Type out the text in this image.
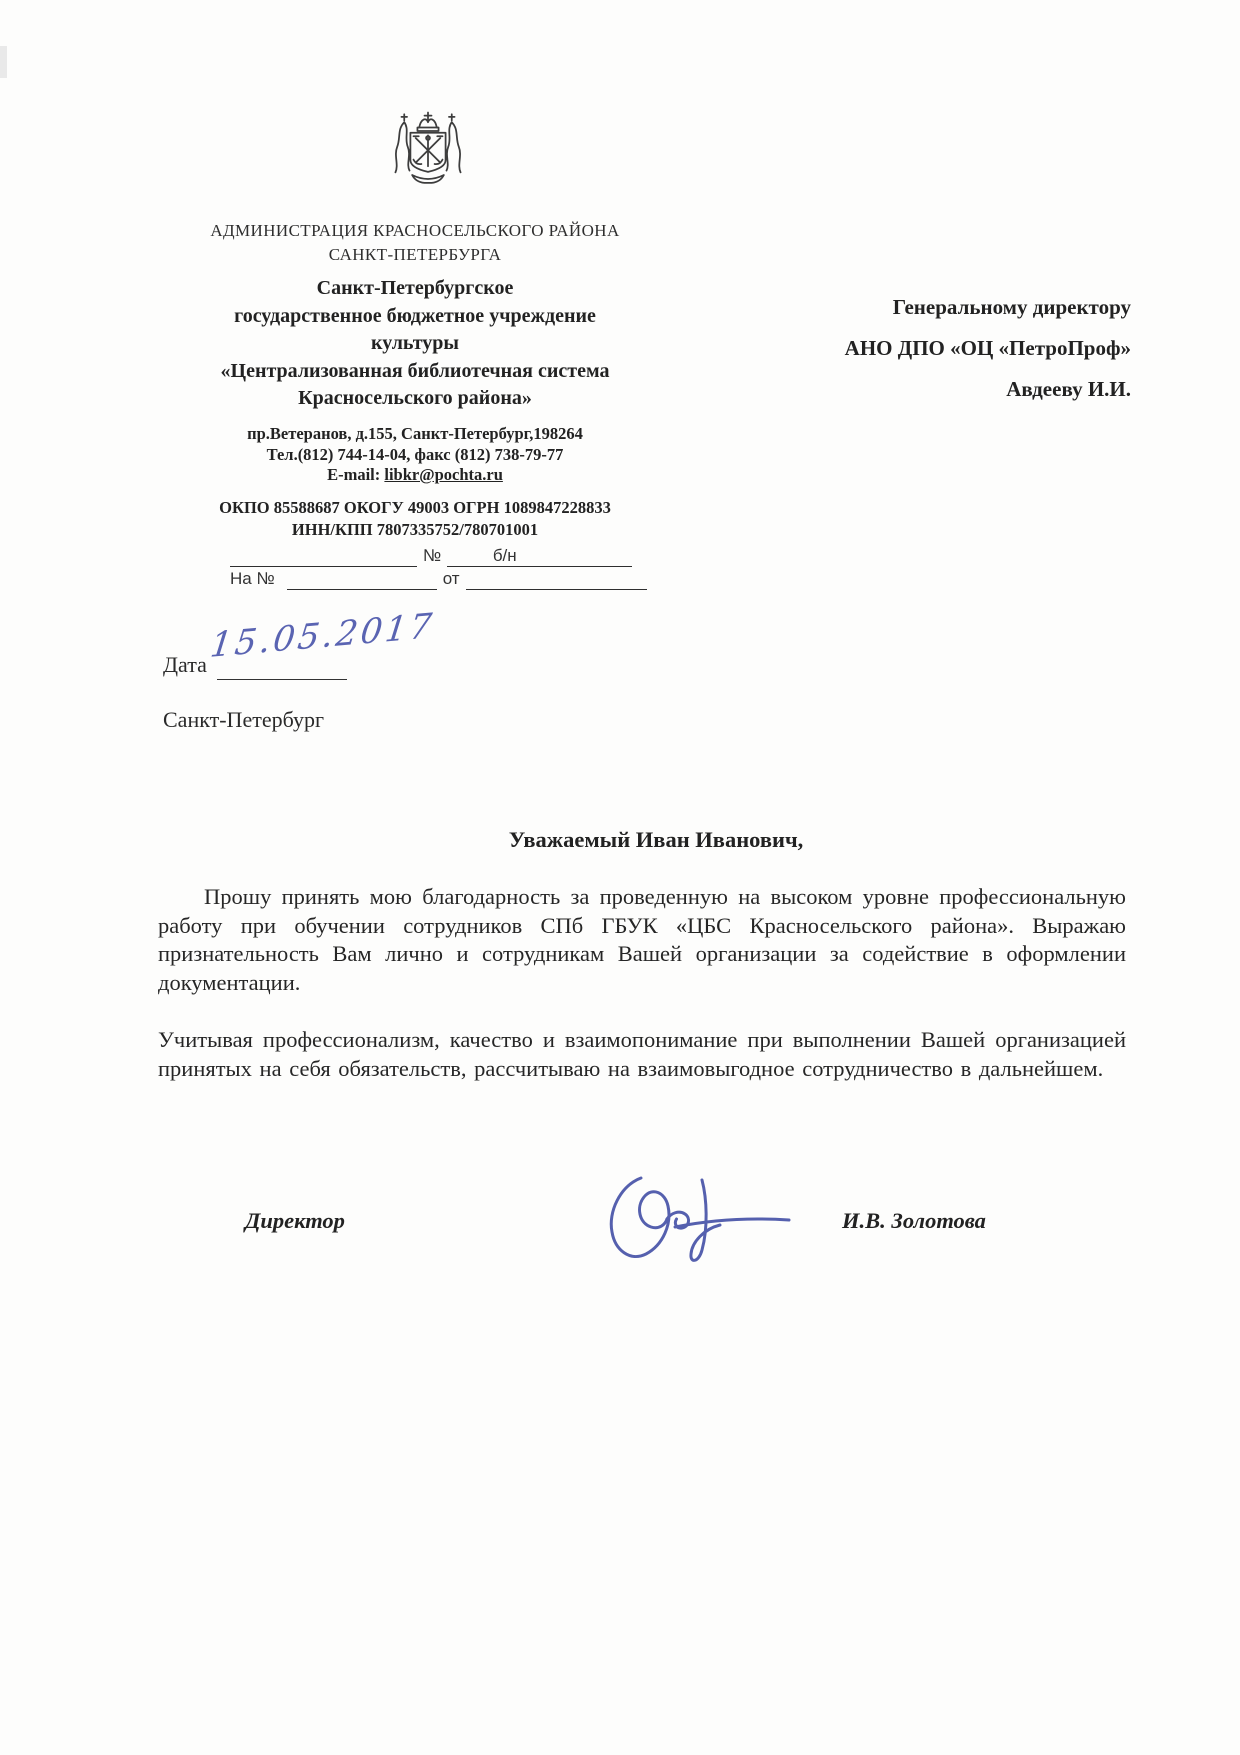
АДМИНИСТРАЦИЯ КРАСНОСЕЛЬСКОГО РАЙОНА
САНКТ-ПЕТЕРБУРГА
Санкт-Петербургское
государственное бюджетное учреждение
культуры
«Централизованная библиотечная система
Красносельского района»
Генеральному директору
АНО ДПО «ОЦ «ПетроПроф»
Авдееву И.И.
пр.Ветеранов, д.155, Санкт-Петербург,198264
Тел.(812) 744-14-04, факс (812) 738-79-77
E-mail: libkr@pochta.ru
ОКПО 85588687 ОКОГУ 49003 ОГРН 1089847228833
ИНН/КПП 7807335752/780701001
№	б/н
На №	от
Дата 15.05.2017
Санкт-Петербург
Уважаемый Иван Иванович,
Прошу принять мою благодарность за проведенную на высоком уровне профессиональную работу при обучении сотрудников СПб ГБУК «ЦБС Красносельского района». Выражаю признательность Вам лично и сотрудникам Вашей организации за содействие в оформлении документации.
Учитывая профессионализм, качество и взаимопонимание при выполнении Вашей организацией принятых на себя обязательств, рассчитываю на взаимовыгодное сотрудничество в дальнейшем.
Директор	И.В. Золотова
